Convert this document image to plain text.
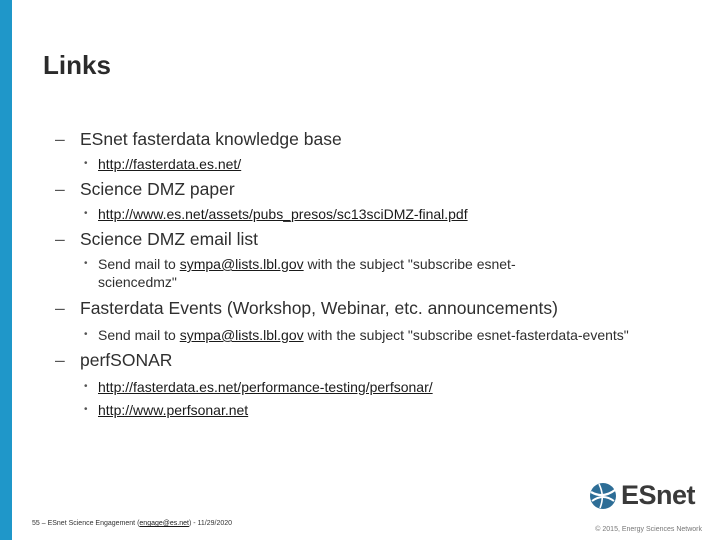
Links
– ESnet fasterdata knowledge base
• http://fasterdata.es.net/
– Science DMZ paper
• http://www.es.net/assets/pubs_presos/sc13sciDMZ-final.pdf
– Science DMZ email list
• Send mail to sympa@lists.lbl.gov with the subject "subscribe esnet-sciencedmz"
– Fasterdata Events (Workshop, Webinar, etc. announcements)
• Send mail to sympa@lists.lbl.gov with the subject "subscribe esnet-fasterdata-events"
– perfSONAR
• http://fasterdata.es.net/performance-testing/perfsonar/
• http://www.perfsonar.net
55 – ESnet Science Engagement (engage@es.net) - 11/29/2020
ESnet
© 2015, Energy Sciences Network
